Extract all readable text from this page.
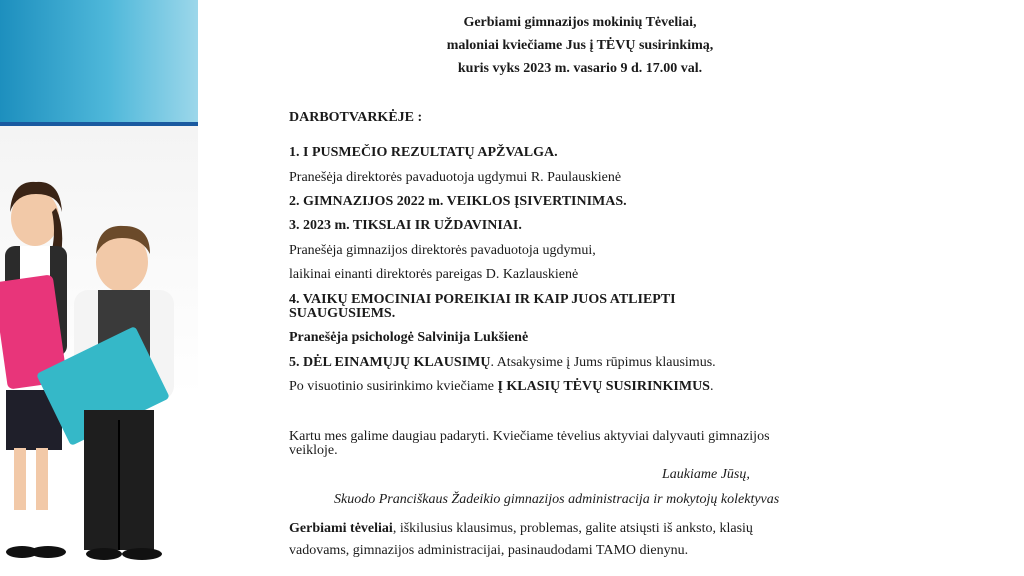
Gerbiami gimnazijos mokinių Tėveliai,
maloniai kviečiame Jus į TĖVŲ susirinkimą,
kuris vyks 2023 m. vasario 9 d. 17.00 val.
DARBOTVARKĖJE :
1. I PUSMEČIO REZULTATŲ APŽVALGA.
Pranešėja direktorės pavaduotoja ugdymui R. Paulauskienė
2. GIMNAZIJOS 2022 m. VEIKLOS ĮSIVERTINIMAS.
3. 2023 m. TIKSLAI IR UŽDAVINIAI.
Pranešėja gimnazijos direktorės pavaduotoja ugdymui,
laikinai einanti direktorės pareigas D. Kazlauskienė
4. VAIKŲ EMOCINIAI POREIKIAI IR KAIP JUOS ATLIEPTI
SUAUGUSIEMS.
Pranešėja psichologė Salvinija Lukšienė
5. DĖL EINAMŲJŲ KLAUSIMŲ. Atsakysime į Jums rūpimus klausimus.
Po visuotinio susirinkimo kviečiame Į KLASIŲ TĖVŲ SUSIRINKIMUS.
Kartu mes galime daugiau padaryti. Kviečiame tėvelius aktyviai dalyvauti gimnazijos
veikloje.
Laukiame Jūsų,
Skuodo Pranciškaus Žadeikio gimnazijos administracija ir mokytojų kolektyvas
Gerbiami tėveliai, iškilusius klausimus, problemas, galite atsiųsti iš anksto, klasių
vadovams, gimnazijos administracijai, pasinaudodami TAMO dienynu.
